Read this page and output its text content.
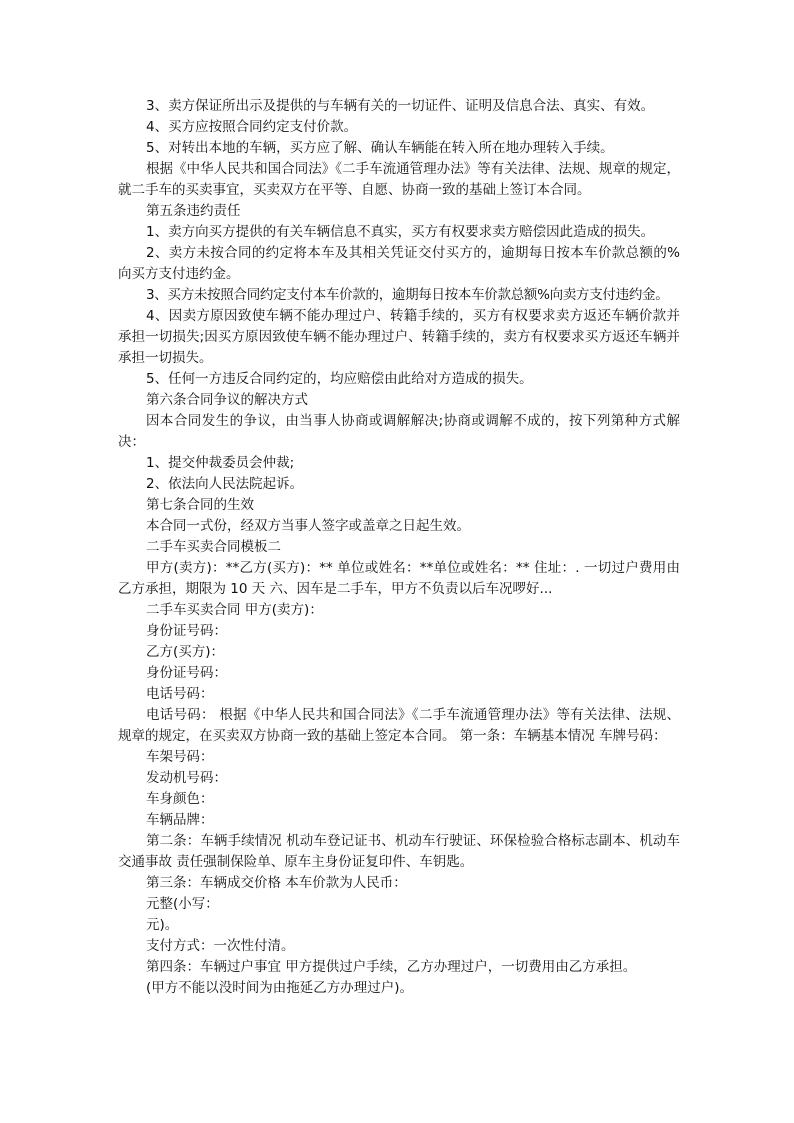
3、卖方保证所出示及提供的与车辆有关的一切证件、证明及信息合法、真实、有效。

4、买方应按照合同约定支付价款。

5、对转出本地的车辆，买方应了解、确认车辆能在转入所在地办理转入手续。

根据《中华人民共和国合同法》《二手车流通管理办法》等有关法律、法规、规章的规定，就二手车的买卖事宜，买卖双方在平等、自愿、协商一致的基础上签订本合同。

第五条违约责任

1、卖方向买方提供的有关车辆信息不真实，买方有权要求卖方赔偿因此造成的损失。

2、卖方未按合同的约定将本车及其相关凭证交付买方的，逾期每日按本车价款总额的%向买方支付违约金。

3、买方未按照合同约定支付本车价款的，逾期每日按本车价款总额%向卖方支付违约金。

4、因卖方原因致使车辆不能办理过户、转籍手续的，买方有权要求卖方返还车辆价款并承担一切损失;因买方原因致使车辆不能办理过户、转籍手续的，卖方有权要求买方返还车辆并承担一切损失。

5、任何一方违反合同约定的，均应赔偿由此给对方造成的损失。

第六条合同争议的解决方式

因本合同发生的争议，由当事人协商或调解解决;协商或调解不成的，按下列第种方式解决：

1、提交仲裁委员会仲裁;

2、依法向人民法院起诉。

第七条合同的生效

本合同一式份，经双方当事人签字或盖章之日起生效。

二手车买卖合同模板二

甲方(卖方)：**乙方(买方)：** 单位或姓名：**单位或姓名：** 住址：. 一切过户费用由乙方承担，期限为 10 天 六、因车是二手车，甲方不负责以后车况啰好...

二手车买卖合同 甲方(卖方)：

身份证号码：

乙方(买方)：

身份证号码：

电话号码：

电话号码： 根据《中华人民共和国合同法》《二手车流通管理办法》等有关法律、法规、规章的规定，在买卖双方协商一致的基础上签定本合同。 第一条：车辆基本情况 车牌号码：

车架号码：

发动机号码：

车身颜色：

车辆品牌：

第二条：车辆手续情况 机动车登记证书、机动车行驶证、环保检验合格标志副本、机动车交通事故 责任强制保险单、原车主身份证复印件、车钥匙。

第三条：车辆成交价格 本车价款为人民币：

元整(小写：

元)。

支付方式：一次性付清。

第四条：车辆过户事宜 甲方提供过户手续，乙方办理过户，一切费用由乙方承担。

(甲方不能以没时间为由拖延乙方办理过户)。
